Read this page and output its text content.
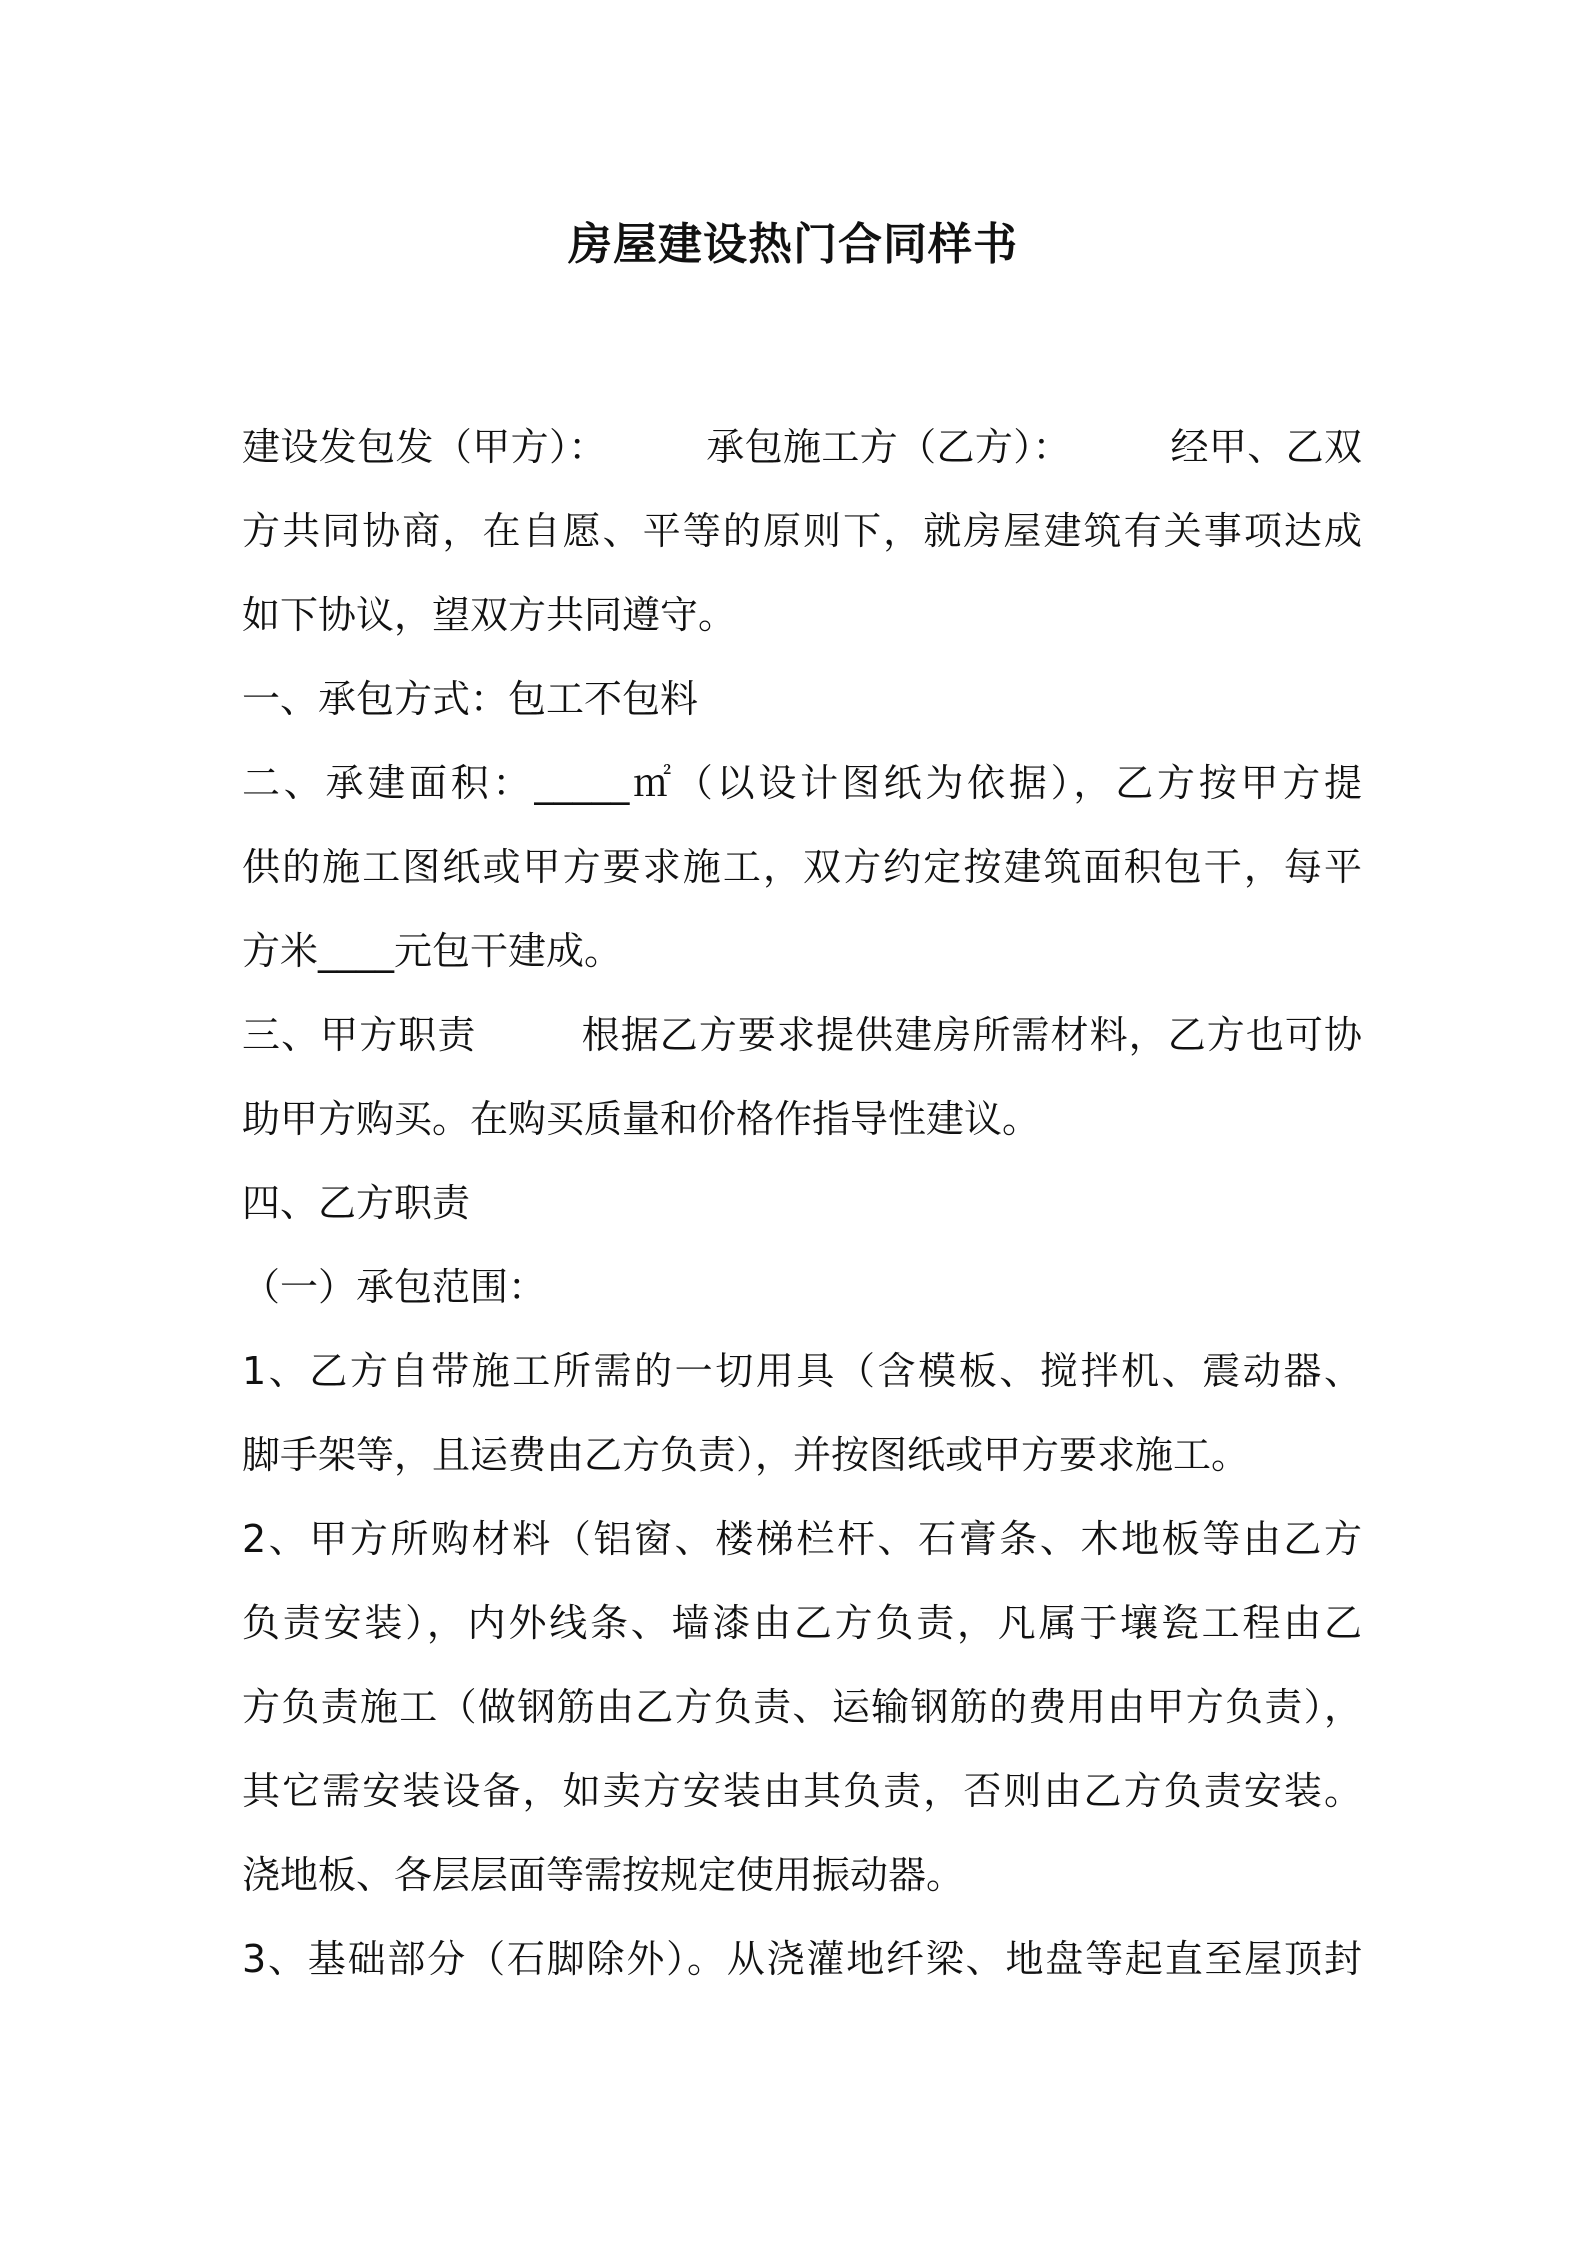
房屋建设热门合同样书

建设发包发（甲方）：        承包施工方（乙方）：        经甲、乙双

方共同协商，在自愿、平等的原则下，就房屋建筑有关事项达成

如下协议，望双方共同遵守。

一、承包方式：包工不包料

二、承建面积：_____㎡（以设计图纸为依据），乙方按甲方提

供的施工图纸或甲方要求施工，双方约定按建筑面积包干，每平

方米____元包干建成。

三、甲方职责        根据乙方要求提供建房所需材料，乙方也可协

助甲方购买。在购买质量和价格作指导性建议。

四、乙方职责

（一）承包范围：

1、乙方自带施工所需的一切用具（含模板、搅拌机、震动器、

脚手架等，且运费由乙方负责），并按图纸或甲方要求施工。

2、甲方所购材料（铝窗、楼梯栏杆、石膏条、木地板等由乙方

负责安装），内外线条、墙漆由乙方负责，凡属于壤瓷工程由乙

方负责施工（做钢筋由乙方负责、运输钢筋的费用由甲方负责），

其它需安装设备，如卖方安装由其负责，否则由乙方负责安装。

浇地板、各层层面等需按规定使用振动器。

3、基础部分（石脚除外）。从浇灌地纤梁、地盘等起直至屋顶封
